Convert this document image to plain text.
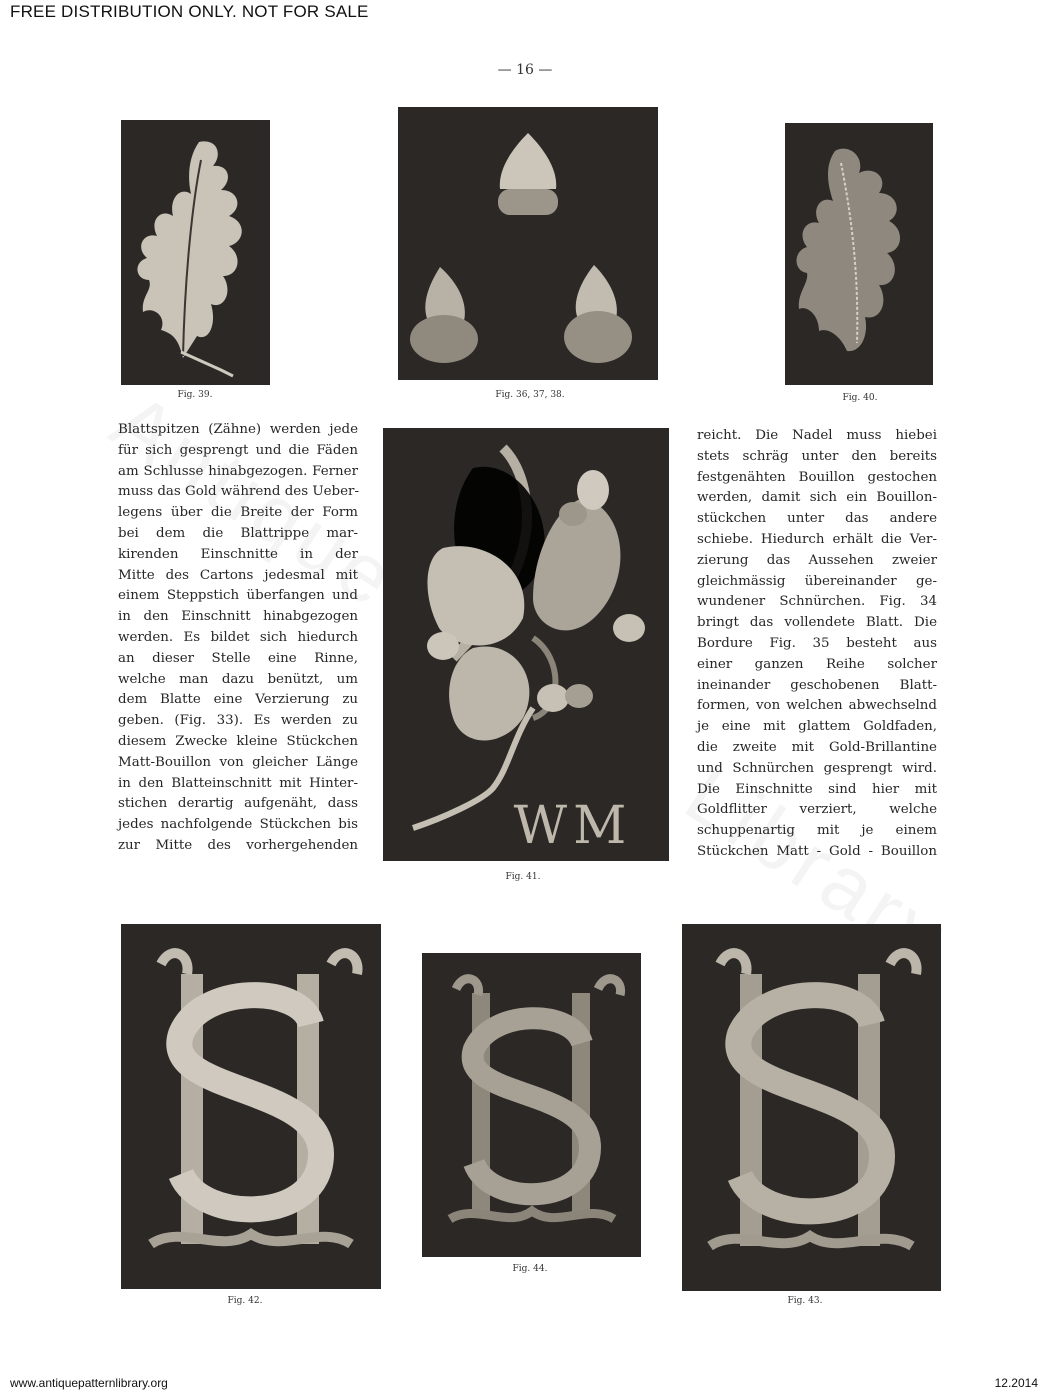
FREE DISTRIBUTION ONLY. NOT FOR SALE
— 16 —
Fig. 39.	Fig. 36, 37, 38.	Fig. 40.
Blattspitzen (Zähne) werden jede
für sich gesprengt und die Fäden
am Schlusse hinabgezogen. Ferner
muss das Gold während des Ueber-
legens über die Breite der Form
bei dem die Blattrippe mar-
kirenden Einschnitte in der
Mitte des Cartons jedesmal mit
einem Steppstich überfangen und
in den Einschnitt hinabgezogen
werden. Es bildet sich hiedurch
an dieser Stelle eine Rinne,
welche man dazu benützt, um
dem Blatte eine Verzierung zu
geben. (Fig. 33). Es werden zu
diesem Zwecke kleine Stückchen
Matt-Bouillon von gleicher Länge
in den Blatteinschnitt mit Hinter-
stichen derartig aufgenäht, dass
jedes nachfolgende Stückchen bis
zur Mitte des vorhergehenden	WM
Fig. 41.
reicht. Die Nadel muss hiebei
stets schräg unter den bereits
festgenähten Bouillon gestochen
werden, damit sich ein Bouillon-
stückchen unter das andere
schiebe. Hiedurch erhält die Ver-
zierung das Aussehen zweier
gleichmässig übereinander ge-
wundener Schnürchen. Fig. 34
bringt das vollendete Blatt. Die
Bordure Fig. 35 besteht aus
einer ganzen Reihe solcher
ineinander geschobenen Blatt-
formen, von welchen abwechselnd
je eine mit glattem Goldfaden,
die zweite mit Gold-Brillantine
und Schnürchen gesprengt wird.
Die Einschnitte sind hier mit
Goldflitter verziert, welche
schuppenartig mit je einem
Stückchen Matt - Gold - Bouillon
Fig. 42.
Fig. 44.
Fig. 43.
www.antiquepatternlibrary.org	12.2014
